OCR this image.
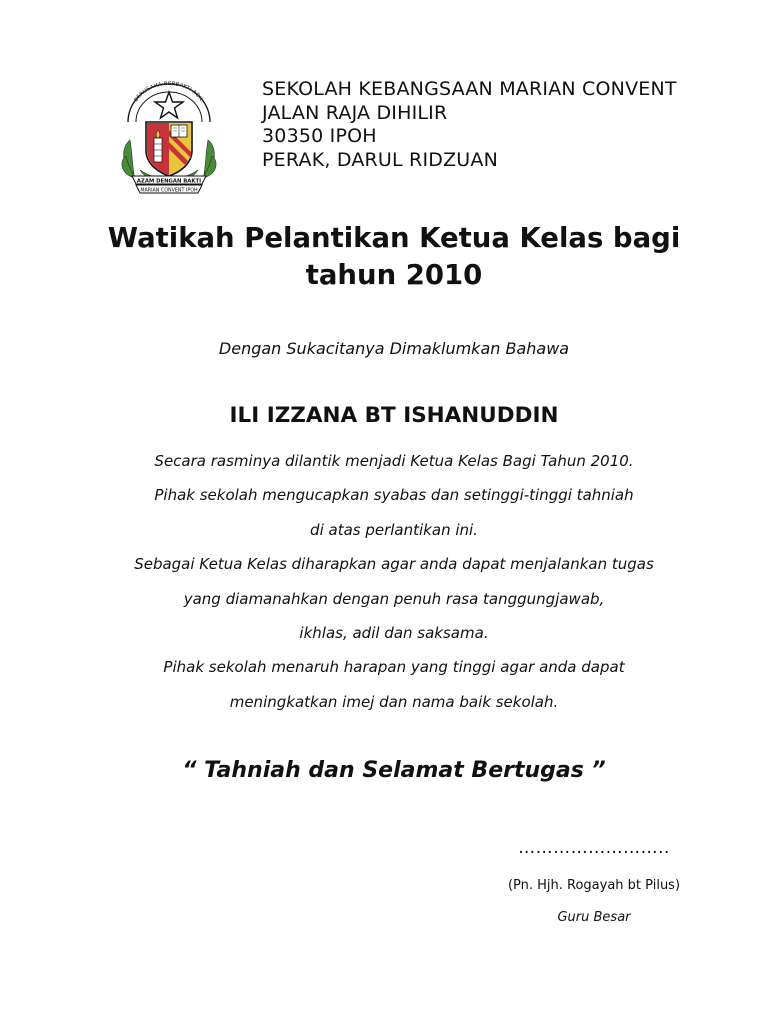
BERUSAHA·BERBAKTI·ADIL
AZAM DENGAN BAKTI
MARIAN CONVENT IPOH
SEKOLAH KEBANGSAAN MARIAN CONVENT
JALAN RAJA DIHILIR
30350 IPOH
PERAK, DARUL RIDZUAN
Watikah Pelantikan Ketua Kelas bagi
tahun 2010
Dengan Sukacitanya Dimaklumkan Bahawa
ILI IZZANA BT ISHANUDDIN
Secara rasminya dilantik menjadi Ketua Kelas Bagi Tahun 2010.
Pihak sekolah mengucapkan syabas dan setinggi-tinggi tahniah
di atas perlantikan ini.
Sebagai Ketua Kelas diharapkan agar anda dapat menjalankan tugas
yang diamanahkan dengan penuh rasa tanggungjawab,
ikhlas, adil dan saksama.
Pihak sekolah menaruh harapan yang tinggi agar anda dapat
meningkatkan imej dan nama baik sekolah.
“ Tahniah dan Selamat Bertugas ”
……………………..
(Pn. Hjh. Rogayah bt Pilus)
Guru Besar
